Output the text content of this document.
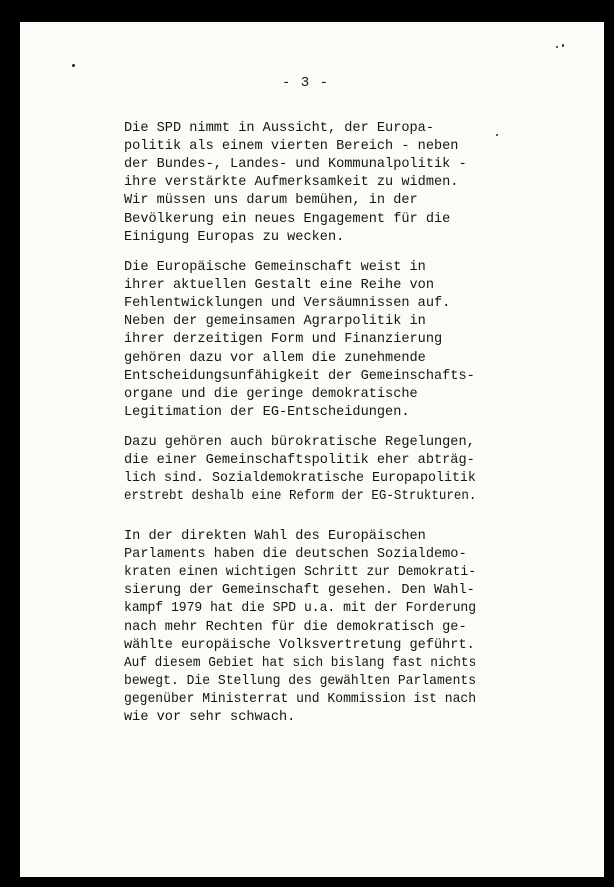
- 3 -
Die SPD nimmt in Aussicht, der Europa-
politik als einem vierten Bereich - neben
der Bundes-, Landes- und Kommunalpolitik -
ihre verstärkte Aufmerksamkeit zu widmen.
Wir müssen uns darum bemühen, in der
Bevölkerung ein neues Engagement für die
Einigung Europas zu wecken.
Die Europäische Gemeinschaft weist in
ihrer aktuellen Gestalt eine Reihe von
Fehlentwicklungen und Versäumnissen auf.
Neben der gemeinsamen Agrarpolitik in
ihrer derzeitigen Form und Finanzierung
gehören dazu vor allem die zunehmende
Entscheidungsunfähigkeit der Gemeinschafts-
organe und die geringe demokratische
Legitimation der EG-Entscheidungen.
Dazu gehören auch bürokratische Regelungen,
die einer Gemeinschaftspolitik eher abträg-
lich sind. Sozialdemokratische Europapolitik
erstrebt deshalb eine Reform der EG-Strukturen.
In der direkten Wahl des Europäischen
Parlaments haben die deutschen Sozialdemo-
kraten einen wichtigen Schritt zur Demokrati-
sierung der Gemeinschaft gesehen. Den Wahl-
kampf 1979 hat die SPD u.a. mit der Forderung
nach mehr Rechten für die demokratisch ge-
wählte europäische Volksvertretung geführt.
Auf diesem Gebiet hat sich bislang fast nichts
bewegt. Die Stellung des gewählten Parlaments
gegenüber Ministerrat und Kommission ist nach
wie vor sehr schwach.
